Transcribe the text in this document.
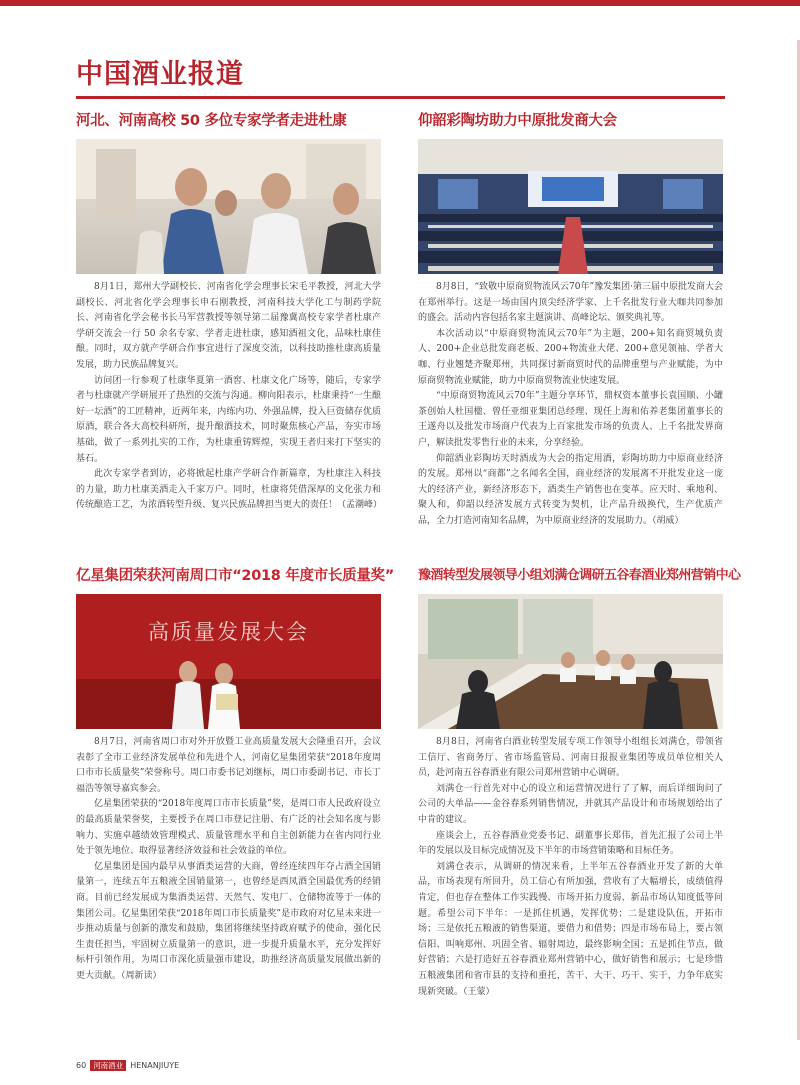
中国酒业报道
河北、河南高校 50 多位专家学者走进杜康

8月1日，郑州大学副校长、河南省化学会理事长宋毛平教授，河北大学副校长、河北省化学会理事长申石刚教授，河南科技大学化工与制药学院长、河南省化学会秘书长马军营教授等领导第二届豫冀高校专家学者杜康产学研交流会一行 50 余名专家、学者走进杜康，感知酒祖文化，品味杜康佳酿。同时，双方就产学研合作事宜进行了深度交流，以科技助推杜康高质量发展，助力民族品牌复兴。

访问团一行参观了杜康华夏第一酒窖、杜康文化广场等，随后，专家学者与杜康就产学研展开了热烈的交流与沟通。柳向阳表示，杜康秉持“一生酿好一坛酒”的工匠精神，近两年来，内练内功、外强品牌，投入巨资储存优质原酒，联合各大高校科研所，提升酿酒技术，同时聚焦核心产品，夯实市场基础，做了一系列扎实的工作，为杜康重铸辉煌，实现王者归来打下坚实的基石。

此次专家学者到访，必将掀起杜康产学研合作新篇章，为杜康注入科技的力量，助力杜康美酒走入千家万户。同时，杜康将凭借深厚的文化张力和传统酿造工艺，为浓酒转型升级、复兴民族品牌担当更大的责任！（孟潮峰）

仰韶彩陶坊助力中原批发商大会

8月8日，“致敬中原商贸物流风云70年”豫发集团·第三届中原批发商大会在郑州举行。这是一场由国内顶尖经济学家、上千名批发行业大咖共同参加的盛会。活动内容包括名家主题演讲、高峰论坛、颁奖典礼等。

本次活动以“中原商贸物流风云70年”为主题，200+知名商贸城负责人、200+企业总批发商老板、200+物流业大佬、200+意见领袖、学者大咖、行业翘楚齐聚郑州，共同探讨新商贸时代的品牌重塑与产业赋能，为中原商贸物流业赋能，助力中原商贸物流业快速发展。

“中原商贸物流风云70年”主题分享环节，鼎权资本董事长袁国顺、小罐茶创始人杜国楹、曾任亚细亚集团总经理、现任上海和佑养老集团董事长的王遂舟以及批发市场商户代表为上百家批发市场的负责人、上千名批发界商户，解读批发零售行业的未来，分享经验。

仰韶酒业彩陶坊天时酒成为大会的指定用酒，彩陶坊助力中原商业经济的发展。郑州以“商都”之名闻名全国，商业经济的发展离不开批发业这一庞大的经济产业，新经济形态下，酒类生产销售也在变革。应天时、乘地利、聚人和，仰韶以经济发展方式转变为契机，让产品升级换代，生产优质产品，全力打造河南知名品牌，为中原商业经济的发展助力。（胡威）

亿星集团荣获河南周口市“2018 年度市长质量奖”
高质量发展大会

8月7日，河南省周口市对外开放暨工业高质量发展大会隆重召开，会议表彰了全市工业经济发展单位和先进个人，河南亿星集团荣获“2018年度周口市市长质量奖”荣誉称号。周口市委书记刘继标，周口市委副书记、市长丁福浩等领导嘉宾参会。

亿星集团荣获的“2018年度周口市市长质量”奖，是周口市人民政府设立的最高质量荣誉奖，主要授予在周口市登记注册、有广泛的社会知名度与影响力、实施卓越绩效管理模式、质量管理水平和自主创新能力在省内同行业处于领先地位、取得显著经济效益和社会效益的单位。

亿星集团是国内最早从事酒类运营的大商，曾经连续四年夺占酒全国销量第一，连续五年五粮液全国销量第一，也曾经是西凤酒全国最优秀的经销商。目前已经发展成为集酒类运营、天然气、发电厂、仓储物流等于一体的集团公司。亿星集团荣获“2018年周口市长质量奖”是市政府对亿星未来进一步推动质量与创新的激发和鼓励，集团将继续坚持政府赋予的使命，强化民生责任担当，牢固树立质量第一的意识，进一步提升质量水平，充分发挥好标杆引领作用，为周口市深化质量强市建设，助推经济高质量发展做出新的更大贡献。（周新读）

豫酒转型发展领导小组刘满仓调研五谷春酒业郑州营销中心

8月8日，河南省白酒业转型发展专项工作领导小组组长刘满仓，带领省工信厅、省商务厅、省市场监管局、河南日报报业集团等成员单位相关人员，赴河南五谷春酒业有限公司郑州营销中心调研。

刘满仓一行首先对中心的设立和运营情况进行了了解，而后详细询问了公司的大单品——金谷春系列销售情况，并就其产品设计和市场规划给出了中肯的建议。

座谈会上，五谷春酒业党委书记、副董事长郑伟，首先汇报了公司上半年的发展以及目标完成情况及下半年的市场营销策略和目标任务。

刘满仓表示，从调研的情况来看，上半年五谷春酒业开发了新的大单品，市场表现有所回升，员工信心有所加强，营收有了大幅增长，成绩值得肯定，但也存在整体工作实践慢、市场开拓力度弱、新品市场认知度低等问题。希望公司下半年：一是抓住机遇，发挥优势；二是建设队伍，开拓市场；三是依托五粮液的销售渠道，要借力和借势；四是市场布局上，要占领信阳、叫响郑州、巩固全省、辐射周边，最终影响全国；五是抓住节点，做好营销；六是打造好五谷春酒业郑州营销中心，做好销售和展示；七是珍惜五粮液集团和省市县的支持和重托，苦干、大干、巧干、实干，力争年底实现新突破。（王蒙）

60 河南酒业 HENANJIUYE
